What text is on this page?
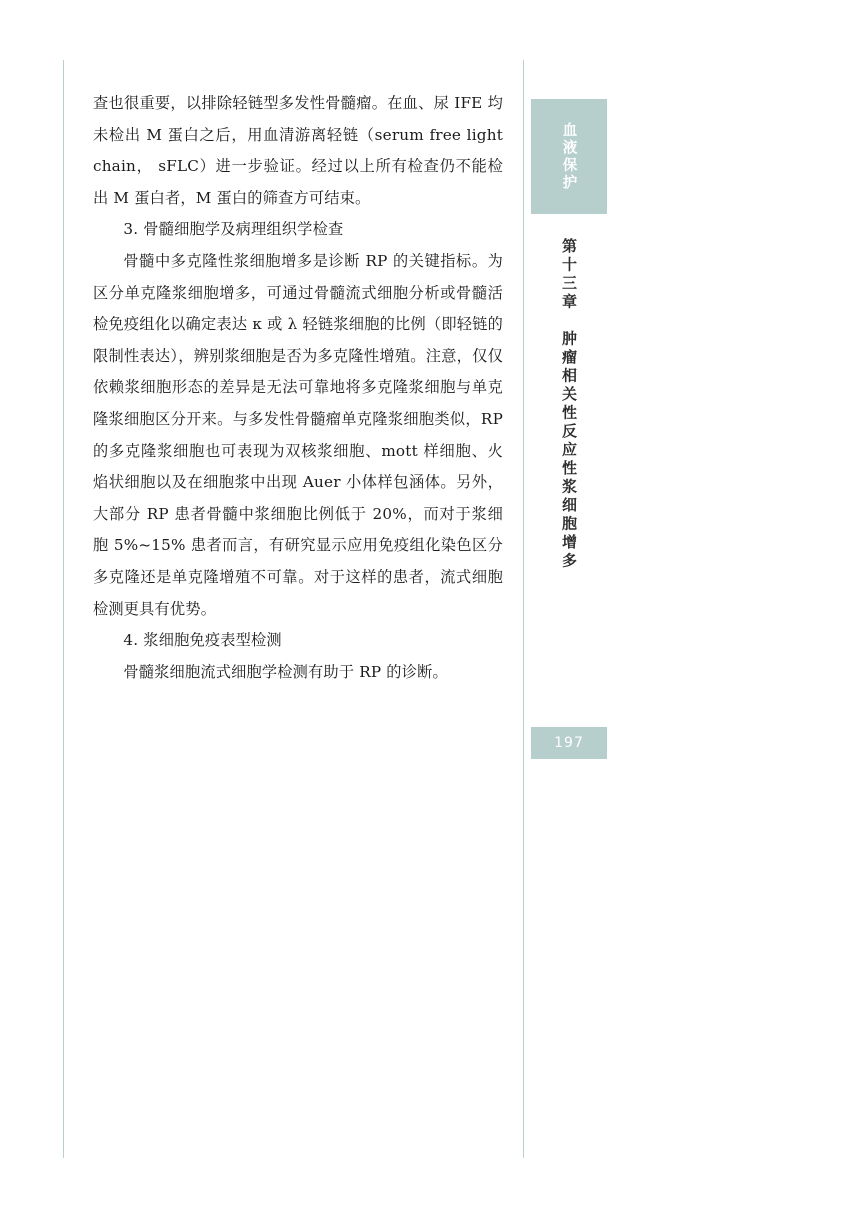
查也很重要，以排除轻链型多发性骨髓瘤。在血、尿 IFE 均未检出 M 蛋白之后，用血清游离轻链（serum free light chain， sFLC）进一步验证。经过以上所有检查仍不能检出 M 蛋白者，M 蛋白的筛查方可结束。

3. 骨髓细胞学及病理组织学检查

骨髓中多克隆性浆细胞增多是诊断 RP 的关键指标。为区分单克隆浆细胞增多，可通过骨髓流式细胞分析或骨髓活检免疫组化以确定表达 κ 或 λ 轻链浆细胞的比例（即轻链的限制性表达），辨别浆细胞是否为多克隆性增殖。注意，仅仅依赖浆细胞形态的差异是无法可靠地将多克隆浆细胞与单克隆浆细胞区分开来。与多发性骨髓瘤单克隆浆细胞类似，RP 的多克隆浆细胞也可表现为双核浆细胞、mott 样细胞、火焰状细胞以及在细胞浆中出现 Auer 小体样包涵体。另外，大部分 RP 患者骨髓中浆细胞比例低于 20%，而对于浆细胞 5%~15% 患者而言，有研究显示应用免疫组化染色区分多克隆还是单克隆增殖不可靠。对于这样的患者，流式细胞检测更具有优势。

4. 浆细胞免疫表型检测

骨髓浆细胞流式细胞学检测有助于 RP 的诊断。

血液保护
第十三章　肿瘤相关性反应性浆细胞增多
197
